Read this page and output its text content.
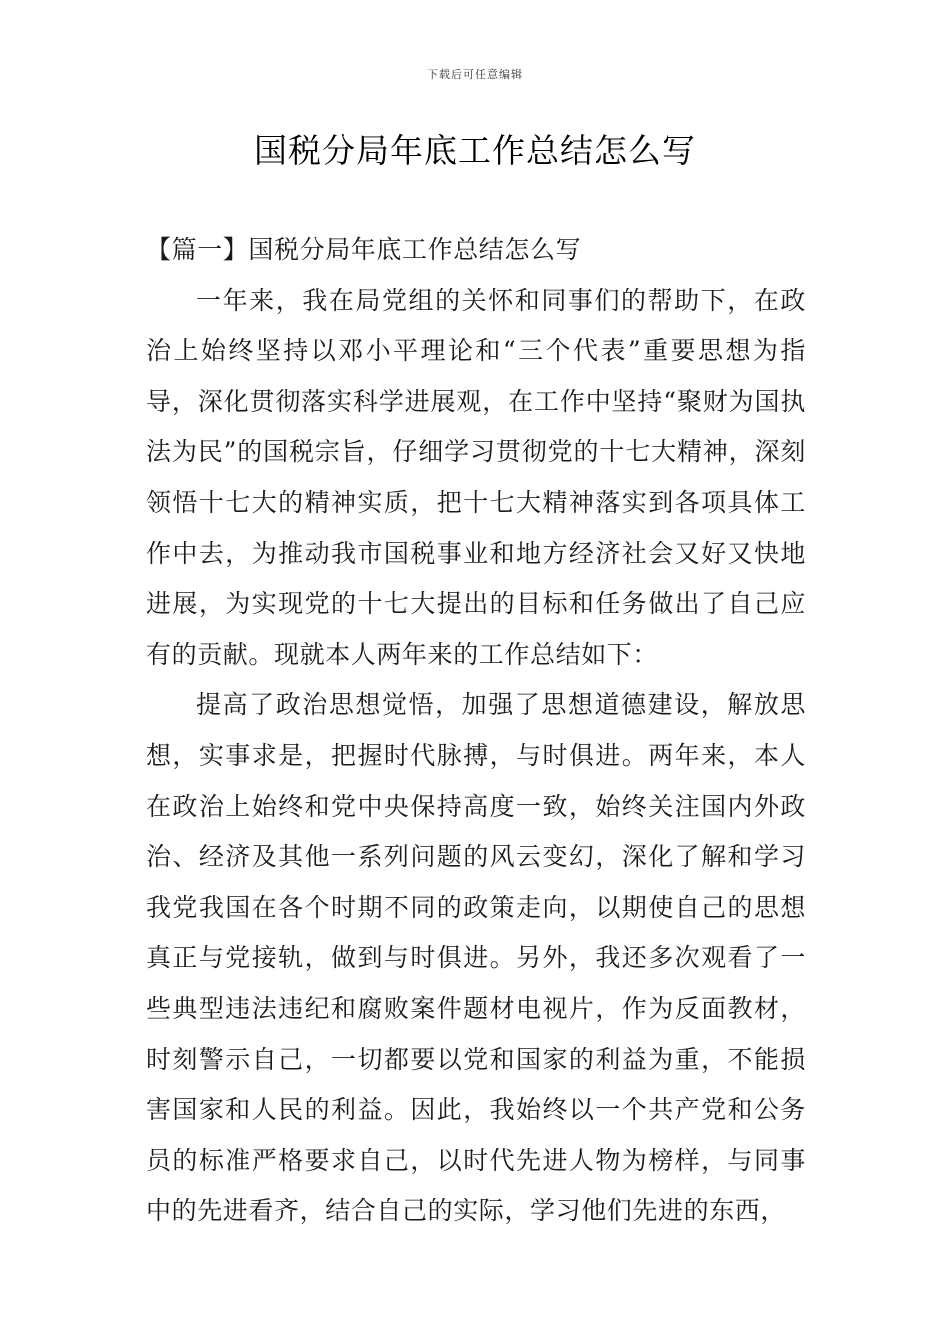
下载后可任意编辑
国税分局年底工作总结怎么写
【篇一】国税分局年底工作总结怎么写

一年来，我在局党组的关怀和同事们的帮助下，在政治上始终坚持以邓小平理论和“三个代表”重要思想为指导，深化贯彻落实科学进展观，在工作中坚持“聚财为国执法为民”的国税宗旨，仔细学习贯彻党的十七大精神，深刻领悟十七大的精神实质，把十七大精神落实到各项具体工作中去，为推动我市国税事业和地方经济社会又好又快地进展，为实现党的十七大提出的目标和任务做出了自己应有的贡献。现就本人两年来的工作总结如下：

提高了政治思想觉悟，加强了思想道德建设，解放思想，实事求是，把握时代脉搏，与时俱进。两年来，本人在政治上始终和党中央保持高度一致，始终关注国内外政治、经济及其他一系列问题的风云变幻，深化了解和学习我党我国在各个时期不同的政策走向，以期使自己的思想真正与党接轨，做到与时俱进。另外，我还多次观看了一些典型违法违纪和腐败案件题材电视片，作为反面教材，时刻警示自己，一切都要以党和国家的利益为重，不能损害国家和人民的利益。因此，我始终以一个共产党和公务员的标准严格要求自己，以时代先进人物为榜样，与同事中的先进看齐，结合自己的实际，学习他们先进的东西，
